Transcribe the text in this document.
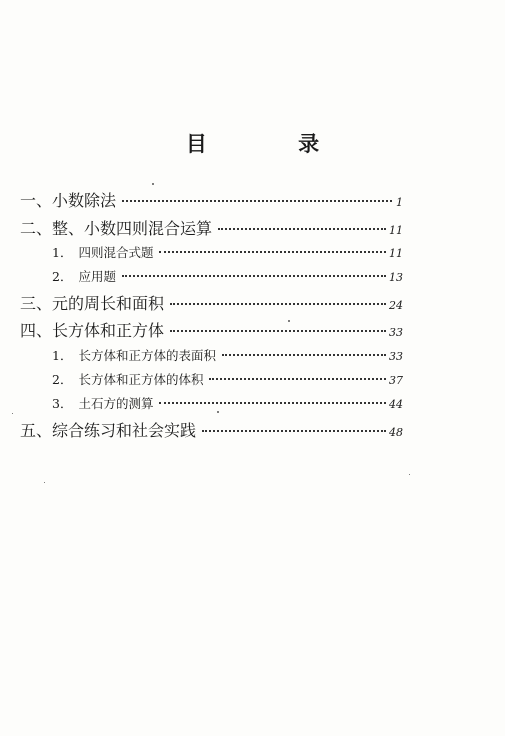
目 录
一、 小数除法	1
二、 整、小数四则混合运算	11
1． 四则混合式题	11
2． 应用题	13
三、 元的周长和面积	24
四、 长方体和正方体	33
1． 长方体和正方体的表面积	33
2． 长方体和正方体的体积	37
3． 土石方的测算	44
五、 综合练习和社会实践	48
